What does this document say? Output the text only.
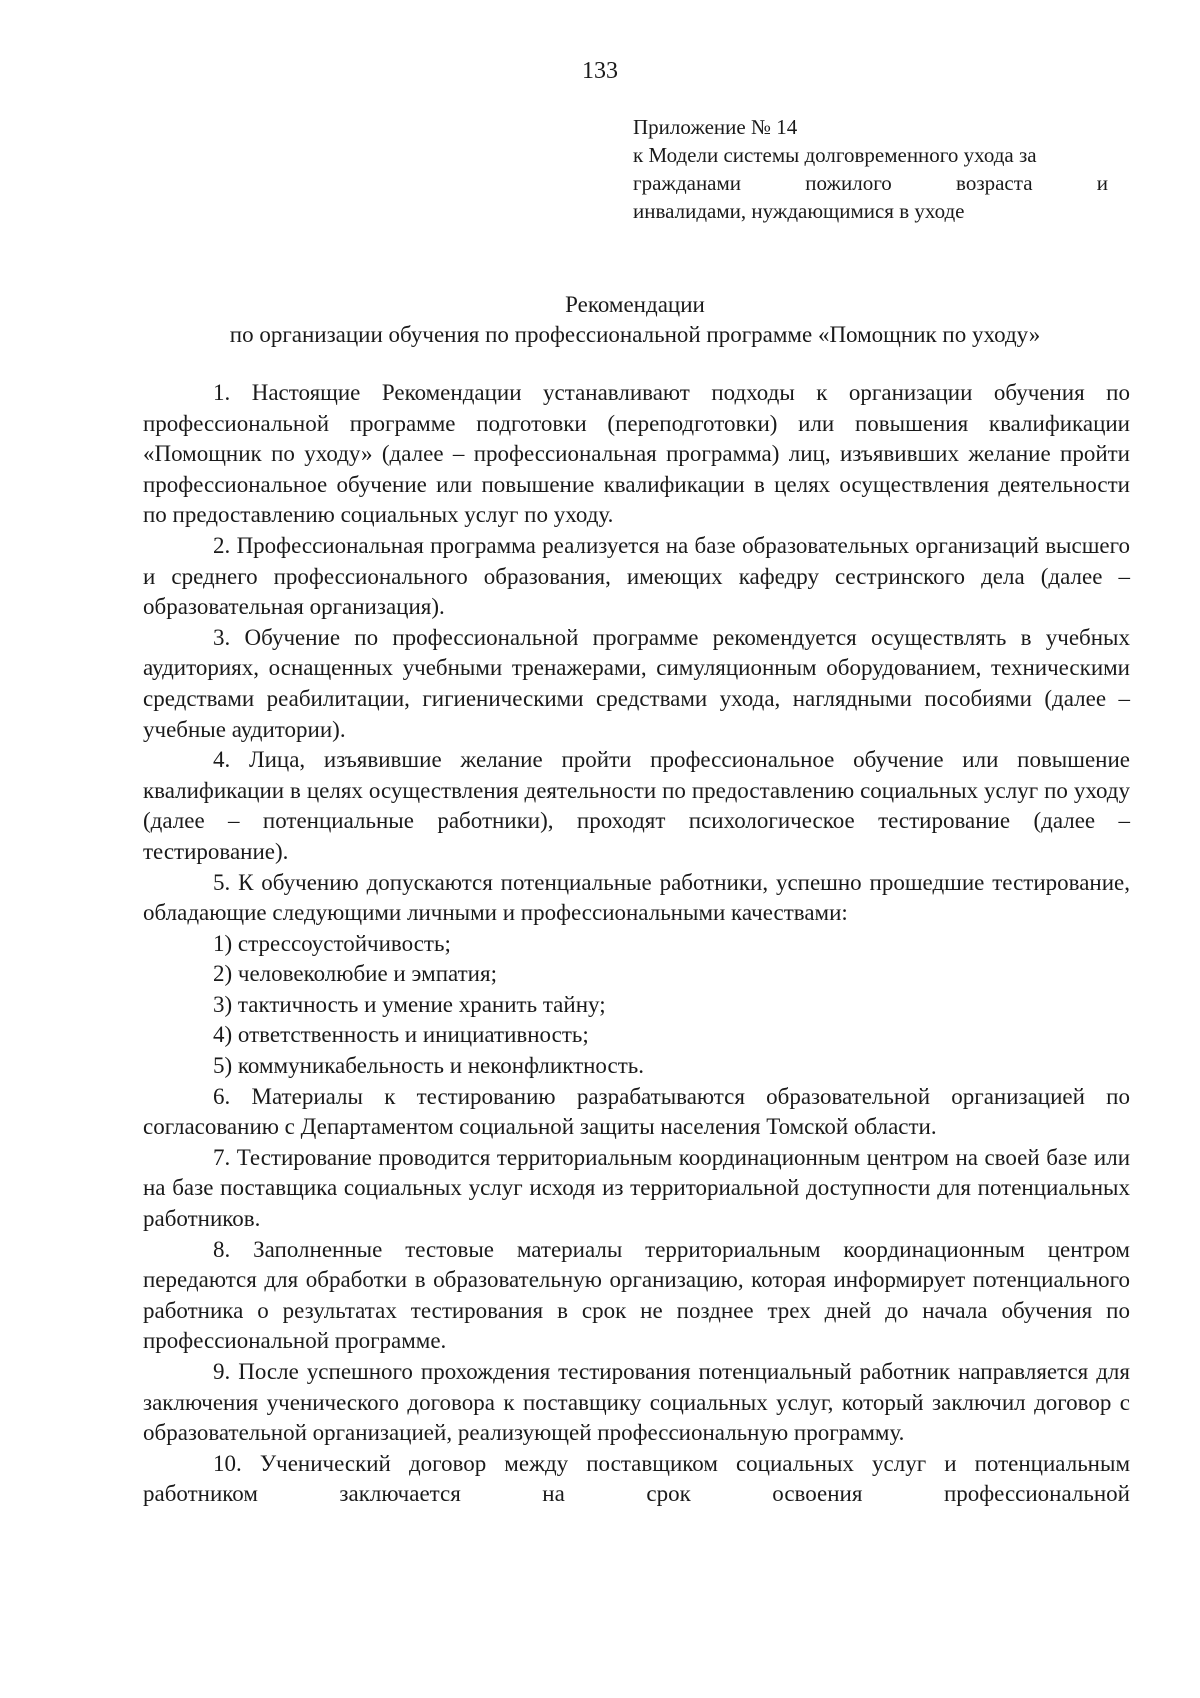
133
Приложение № 14
к Модели системы долговременного ухода за
гражданами пожилого возраста и
инвалидами, нуждающимися в уходе
Рекомендации
по организации обучения по профессиональной программе «Помощник по уходу»

1. Настоящие Рекомендации устанавливают подходы к организации обучения по профессиональной программе подготовки (переподготовки) или повышения квалификации «Помощник по уходу» (далее – профессиональная программа) лиц, изъявивших желание пройти профессиональное обучение или повышение квалификации в целях осуществления деятельности по предоставлению социальных услуг по уходу.

2. Профессиональная программа реализуется на базе образовательных организаций высшего и среднего профессионального образования, имеющих кафедру сестринского дела (далее – образовательная организация).

3. Обучение по профессиональной программе рекомендуется осуществлять в учебных аудиториях, оснащенных учебными тренажерами, симуляционным оборудованием, техническими средствами реабилитации, гигиеническими средствами ухода, наглядными пособиями (далее – учебные аудитории).

4. Лица, изъявившие желание пройти профессиональное обучение или повышение квалификации в целях осуществления деятельности по предоставлению социальных услуг по уходу (далее – потенциальные работники), проходят психологическое тестирование (далее – тестирование).

5. К обучению допускаются потенциальные работники, успешно прошедшие тестирование, обладающие следующими личными и профессиональными качествами:

1) стрессоустойчивость;

2) человеколюбие и эмпатия;

3) тактичность и умение хранить тайну;

4) ответственность и инициативность;

5) коммуникабельность и неконфликтность.

6. Материалы к тестированию разрабатываются образовательной организацией по согласованию с Департаментом социальной защиты населения Томской области.

7. Тестирование проводится территориальным координационным центром на своей базе или на базе поставщика социальных услуг исходя из территориальной доступности для потенциальных работников.

8. Заполненные тестовые материалы территориальным координационным центром передаются для обработки в образовательную организацию, которая информирует потенциального работника о результатах тестирования в срок не позднее трех дней до начала обучения по профессиональной программе.

9. После успешного прохождения тестирования потенциальный работник направляется для заключения ученического договора к поставщику социальных услуг, который заключил договор с образовательной организацией, реализующей профессиональную программу.

10. Ученический договор между поставщиком социальных услуг и потенциальным работником заключается на срок освоения профессиональной
